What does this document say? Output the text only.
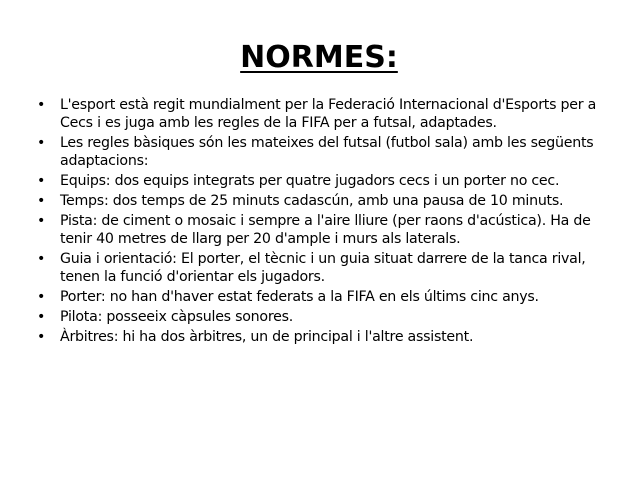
NORMES:
• L'esport està regit mundialment per la Federació Internacional d'Esports per a Cecs i es juga amb les regles de la FIFA per a futsal, adaptades.
• Les regles bàsiques són les mateixes del futsal (futbol sala) amb les següents adaptacions:
• Equips: dos equips integrats per quatre jugadors cecs i un porter no cec.
• Temps: dos temps de 25 minuts cadascún, amb una pausa de 10 minuts.
• Pista: de ciment o mosaic i sempre a l'aire lliure (per raons d'acústica). Ha de tenir 40 metres de llarg per 20 d'ample i murs als laterals.
• Guia i orientació: El porter, el tècnic i un guia situat darrere de la tanca rival, tenen la funció d'orientar els jugadors.
• Porter: no han d'haver estat federats a la FIFA en els últims cinc anys.
• Pilota: posseeix càpsules sonores.
• Àrbitres: hi ha dos àrbitres, un de principal i l'altre assistent.
